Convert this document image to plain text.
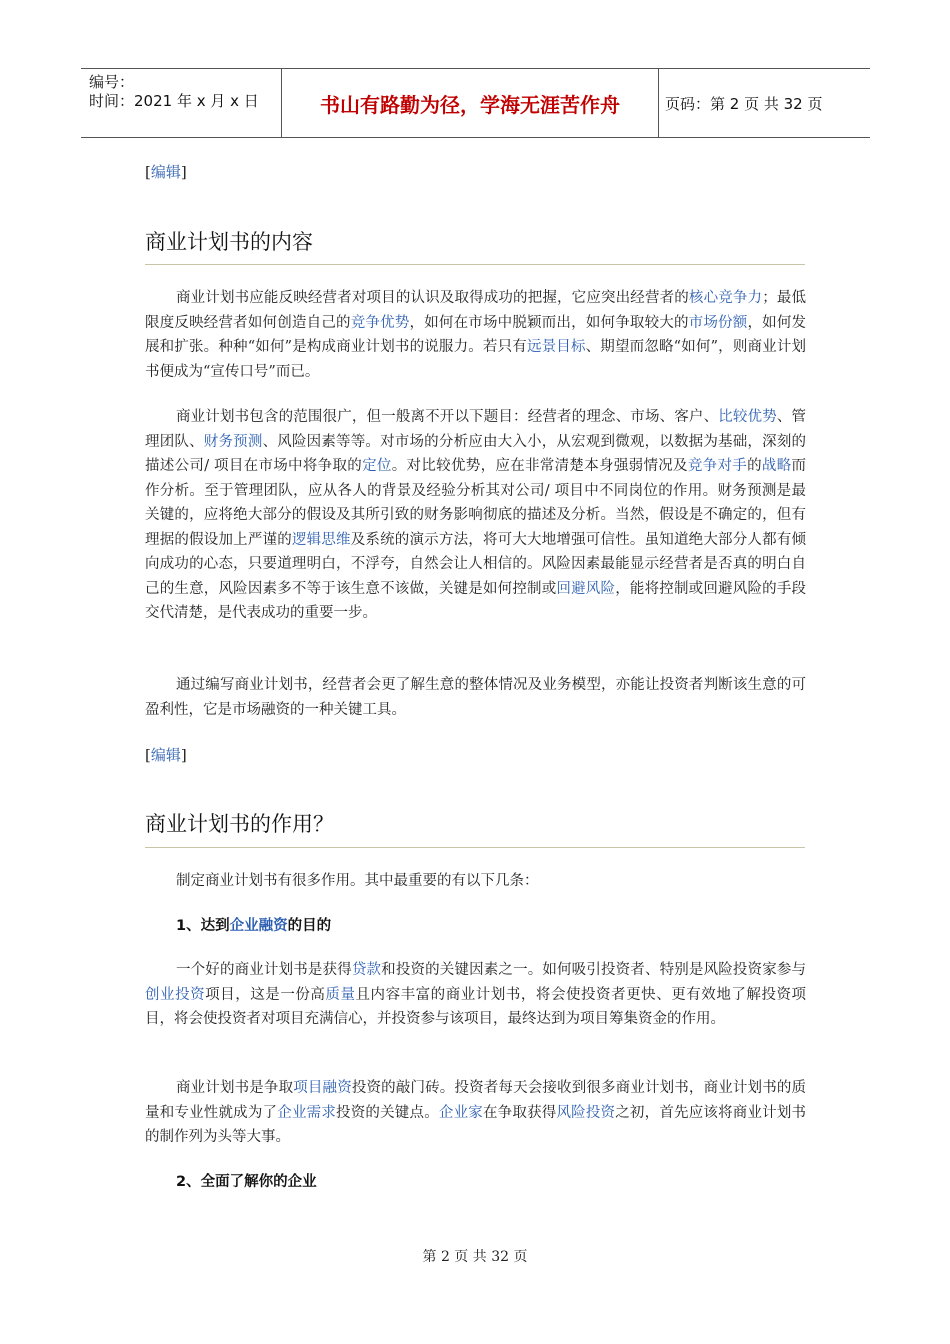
编号：
时间：2021 年 x 月 x 日	书山有路勤为径，学海无涯苦作舟	页码：第 2 页 共 32 页
[编辑]
商业计划书的内容
商业计划书应能反映经营者对项目的认识及取得成功的把握，它应突出经营者的核心竞争力；最低限度反映经营者如何创造自己的竞争优势，如何在市场中脱颖而出，如何争取较大的市场份额，如何发展和扩张。种种“如何”是构成商业计划书的说服力。若只有远景目标、期望而忽略“如何”，则商业计划书便成为“宣传口号”而已。
商业计划书包含的范围很广，但一般离不开以下题目：经营者的理念、市场、客户、比较优势、管理团队、财务预测、风险因素等等。对市场的分析应由大入小，从宏观到微观，以数据为基础，深刻的描述公司/ 项目在市场中将争取的定位。对比较优势，应在非常清楚本身强弱情况及竞争对手的战略而作分析。至于管理团队，应从各人的背景及经验分析其对公司/ 项目中不同岗位的作用。财务预测是最关键的，应将绝大部分的假设及其所引致的财务影响彻底的描述及分析。当然，假设是不确定的，但有理据的假设加上严谨的逻辑思维及系统的演示方法，将可大大地增强可信性。虽知道绝大部分人都有倾向成功的心态，只要道理明白，不浮夸，自然会让人相信的。风险因素最能显示经营者是否真的明白自己的生意，风险因素多不等于该生意不该做，关键是如何控制或回避风险，能将控制或回避风险的手段交代清楚，是代表成功的重要一步。
通过编写商业计划书，经营者会更了解生意的整体情况及业务模型，亦能让投资者判断该生意的可盈利性，它是市场融资的一种关键工具。
[编辑]
商业计划书的作用？
制定商业计划书有很多作用。其中最重要的有以下几条：
1、达到企业融资的目的
一个好的商业计划书是获得贷款和投资的关键因素之一。如何吸引投资者、特别是风险投资家参与创业投资项目，这是一份高质量且内容丰富的商业计划书，将会使投资者更快、更有效地了解投资项目，将会使投资者对项目充满信心，并投资参与该项目，最终达到为项目筹集资金的作用。
商业计划书是争取项目融资投资的敲门砖。投资者每天会接收到很多商业计划书，商业计划书的质量和专业性就成为了企业需求投资的关键点。企业家在争取获得风险投资之初，首先应该将商业计划书的制作列为头等大事。
2、全面了解你的企业
第 2 页 共 32 页
